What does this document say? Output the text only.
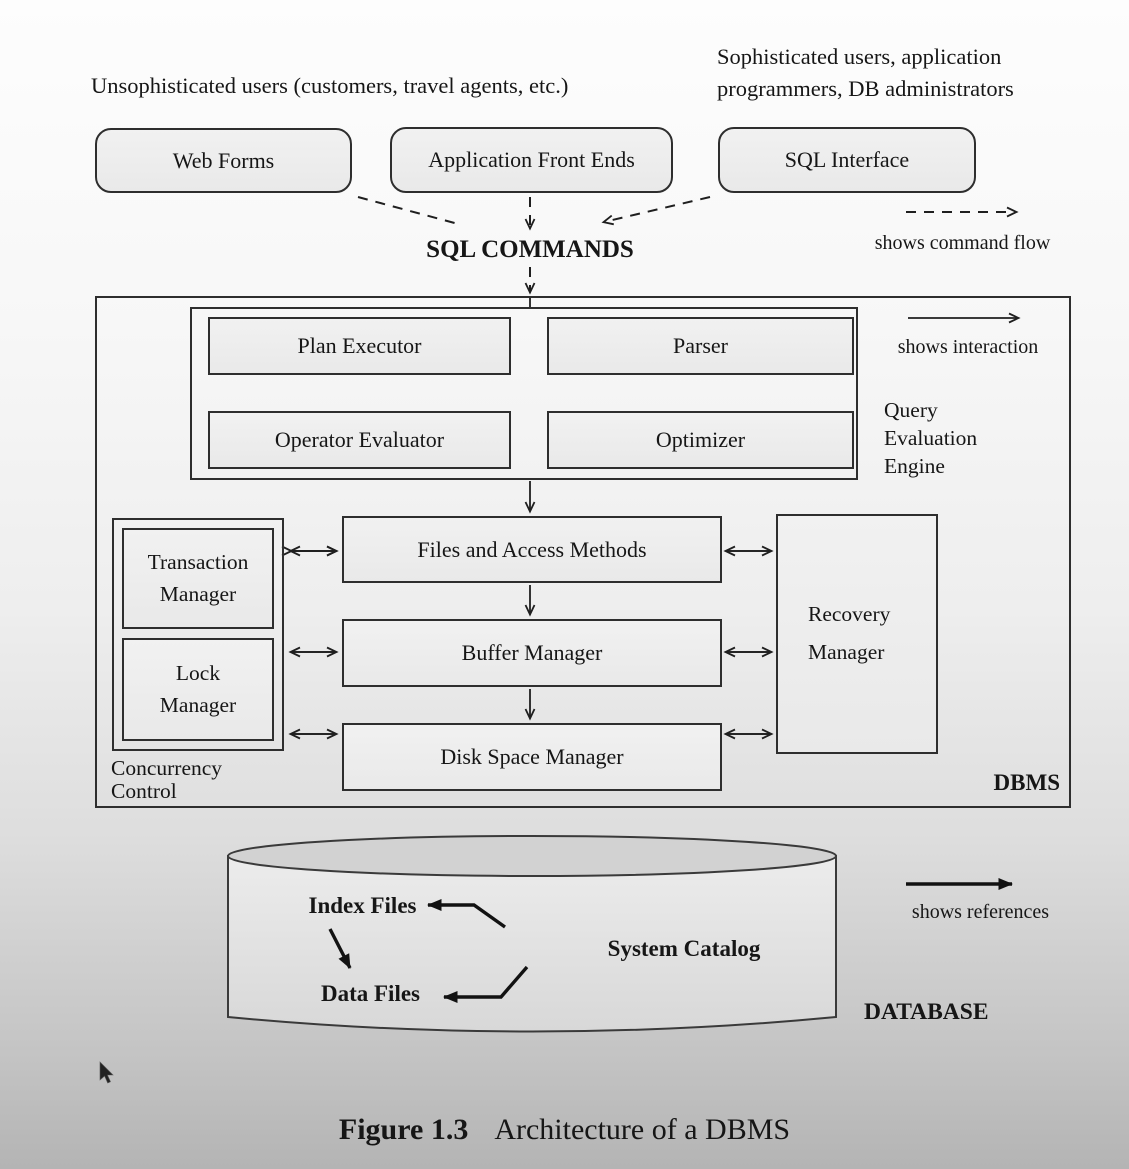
Unsophisticated users (customers, travel agents, etc.)
Sophisticated users, application programmers, DB administrators
Web Forms	Application Front Ends	SQL Interface
SQL COMMANDS	shows command flow
DBMS
Plan Executor	Parser
Operator Evaluator	Optimizer
shows interaction
Query Evaluation Engine
Transaction Manager
Lock Manager
Concurrency Control
Files and Access Methods
Buffer Manager
Disk Space Manager
Recovery Manager
Index Files
System Catalog
Data Files
DATABASE
shows references
Figure 1.3 Architecture of a DBMS
